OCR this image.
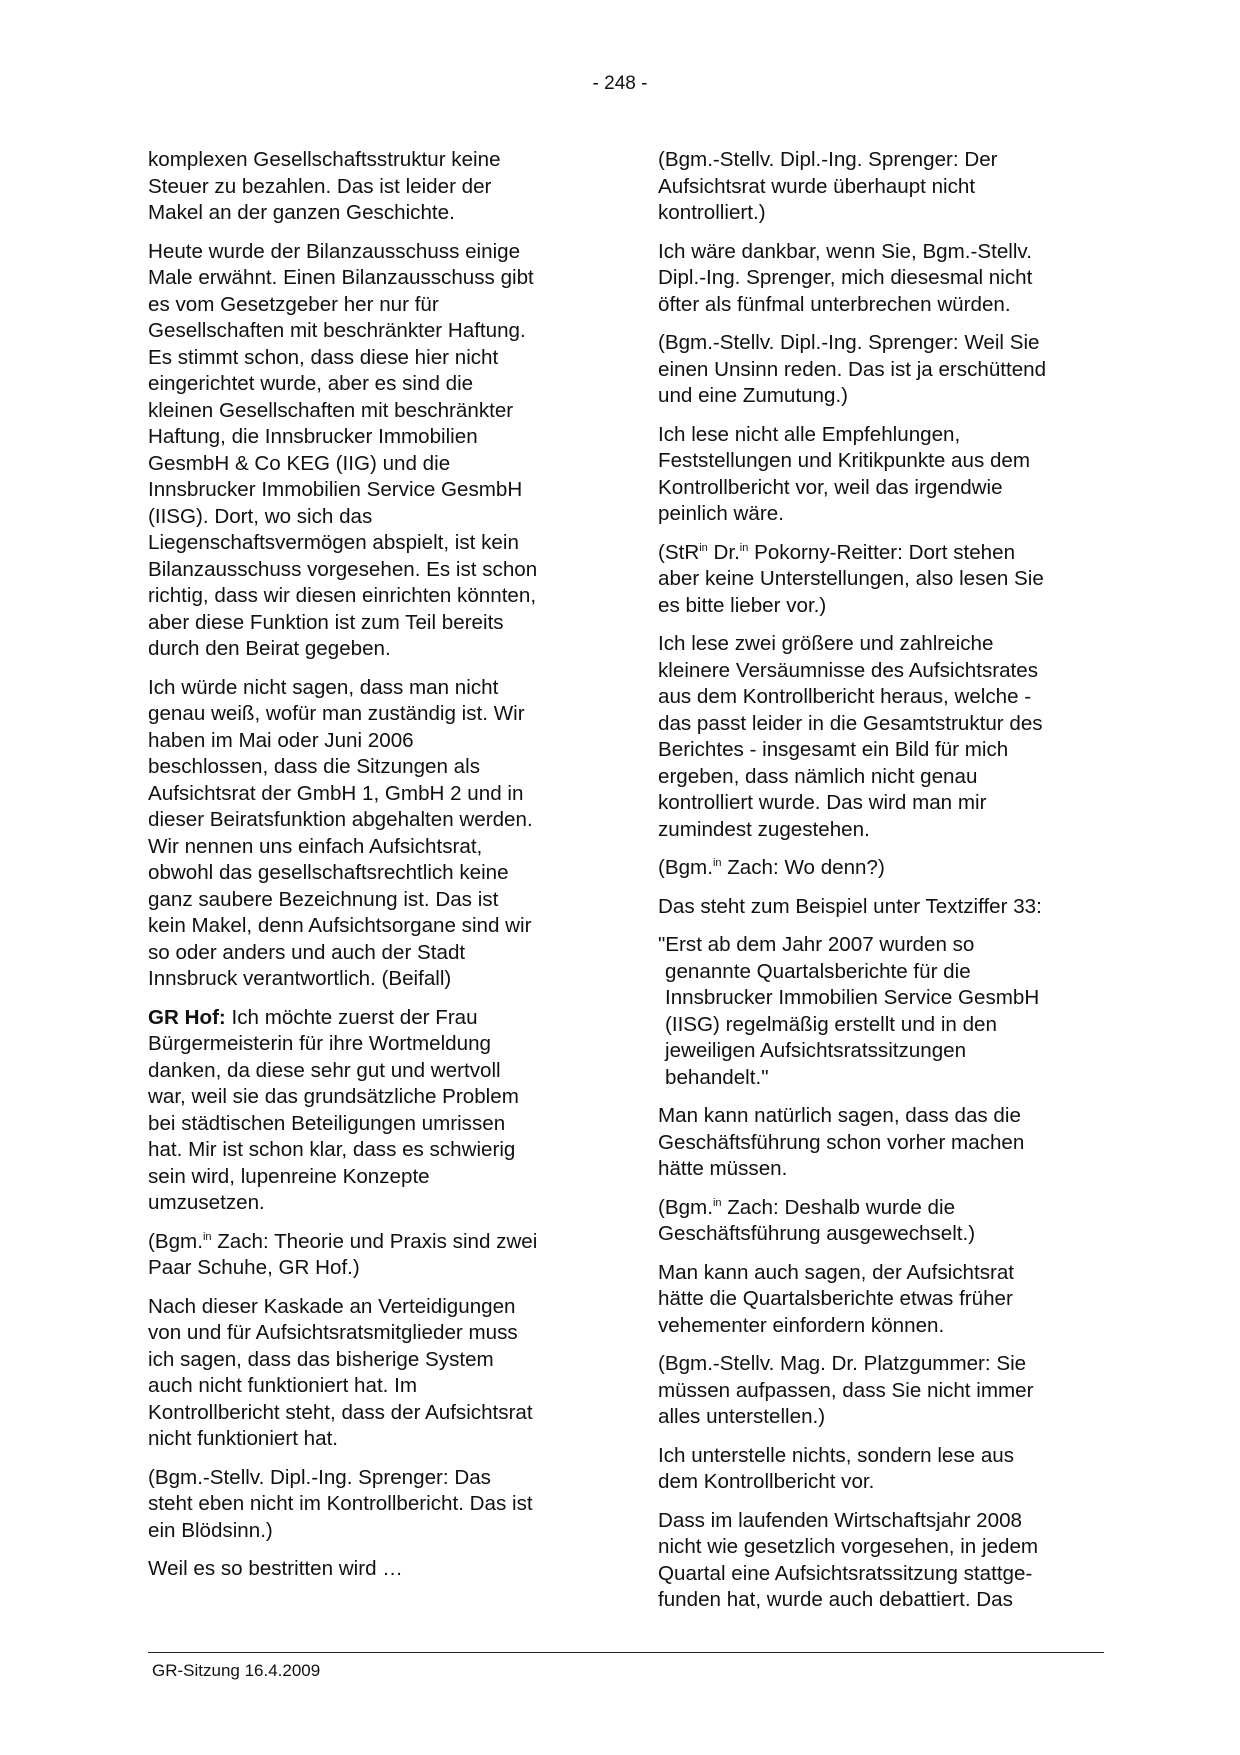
- 248 -

komplexen Gesellschaftsstruktur keine
Steuer zu bezahlen. Das ist leider der
Makel an der ganzen Geschichte.

Heute wurde der Bilanzausschuss einige
Male erwähnt. Einen Bilanzausschuss gibt
es vom Gesetzgeber her nur für
Gesellschaften mit beschränkter Haftung.
Es stimmt schon, dass diese hier nicht
eingerichtet wurde, aber es sind die
kleinen Gesellschaften mit beschränkter
Haftung, die Innsbrucker Immobilien
GesmbH & Co KEG (IIG) und die
Innsbrucker Immobilien Service GesmbH
(IISG). Dort, wo sich das
Liegenschaftsvermögen abspielt, ist kein
Bilanzausschuss vorgesehen. Es ist schon
richtig, dass wir diesen einrichten könnten,
aber diese Funktion ist zum Teil bereits
durch den Beirat gegeben.

Ich würde nicht sagen, dass man nicht
genau weiß, wofür man zuständig ist. Wir
haben im Mai oder Juni 2006
beschlossen, dass die Sitzungen als
Aufsichtsrat der GmbH 1, GmbH 2 und in
dieser Beiratsfunktion abgehalten werden.
Wir nennen uns einfach Aufsichtsrat,
obwohl das gesellschaftsrechtlich keine
ganz saubere Bezeichnung ist. Das ist
kein Makel, denn Aufsichtsorgane sind wir
so oder anders und auch der Stadt
Innsbruck verantwortlich. (Beifall)

GR Hof: Ich möchte zuerst der Frau
Bürgermeisterin für ihre Wortmeldung
danken, da diese sehr gut und wertvoll
war, weil sie das grundsätzliche Problem
bei städtischen Beteiligungen umrissen
hat. Mir ist schon klar, dass es schwierig
sein wird, lupenreine Konzepte
umzusetzen.

(Bgm.$^{in}$ Zach: Theorie und Praxis sind zwei
Paar Schuhe, GR Hof.)

Nach dieser Kaskade an Verteidigungen
von und für Aufsichtsratsmitglieder muss
ich sagen, dass das bisherige System
auch nicht funktioniert hat. Im
Kontrollbericht steht, dass der Aufsichtsrat
nicht funktioniert hat.

(Bgm.-Stellv. Dipl.-Ing. Sprenger: Das
steht eben nicht im Kontrollbericht. Das ist
ein Blödsinn.)

Weil es so bestritten wird …

(Bgm.-Stellv. Dipl.-Ing. Sprenger: Der
Aufsichtsrat wurde überhaupt nicht
kontrolliert.)

Ich wäre dankbar, wenn Sie, Bgm.-Stellv.
Dipl.-Ing. Sprenger, mich diesesmal nicht
öfter als fünfmal unterbrechen würden.

(Bgm.-Stellv. Dipl.-Ing. Sprenger: Weil Sie
einen Unsinn reden. Das ist ja erschüttend
und eine Zumutung.)

Ich lese nicht alle Empfehlungen,
Feststellungen und Kritikpunkte aus dem
Kontrollbericht vor, weil das irgendwie
peinlich wäre.

(StR$^{in}$ Dr.$^{in}$ Pokorny-Reitter: Dort stehen
aber keine Unterstellungen, also lesen Sie
es bitte lieber vor.)

Ich lese zwei größere und zahlreiche
kleinere Versäumnisse des Aufsichtsrates
aus dem Kontrollbericht heraus, welche -
das passt leider in die Gesamtstruktur des
Berichtes - insgesamt ein Bild für mich
ergeben, dass nämlich nicht genau
kontrolliert wurde. Das wird man mir
zumindest zugestehen.

(Bgm.$^{in}$ Zach: Wo denn?)

Das steht zum Beispiel unter Textziffer 33:

"Erst ab dem Jahr 2007 wurden so
genannte Quartalsberichte für die
Innsbrucker Immobilien Service GesmbH
(IISG) regelmäßig erstellt und in den
jeweiligen Aufsichtsratssitzungen
behandelt."

Man kann natürlich sagen, dass das die
Geschäftsführung schon vorher machen
hätte müssen.

(Bgm.$^{in}$ Zach: Deshalb wurde die
Geschäftsführung ausgewechselt.)

Man kann auch sagen, der Aufsichtsrat
hätte die Quartalsberichte etwas früher
vehementer einfordern können.

(Bgm.-Stellv. Mag. Dr. Platzgummer: Sie
müssen aufpassen, dass Sie nicht immer
alles unterstellen.)

Ich unterstelle nichts, sondern lese aus
dem Kontrollbericht vor.

Dass im laufenden Wirtschaftsjahr 2008
nicht wie gesetzlich vorgesehen, in jedem
Quartal eine Aufsichtsratssitzung stattge-
funden hat, wurde auch debattiert. Das

GR-Sitzung 16.4.2009
